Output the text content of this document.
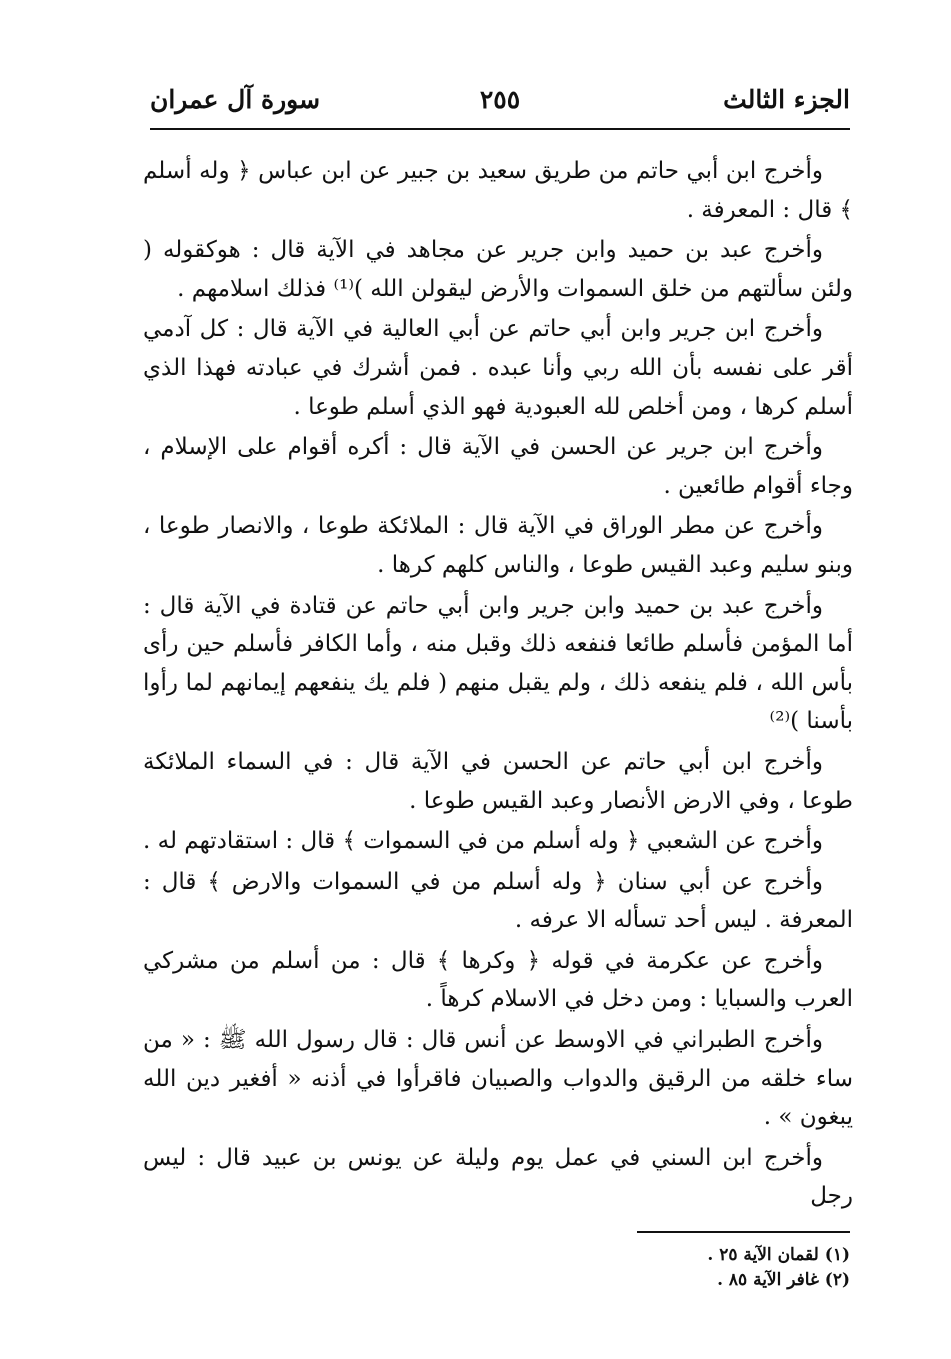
الجزء الثالث
٢٥٥
سورة آل عمران

وأخرج ابن أبي حاتم من طريق سعيد بن جبير عن ابن عباس ﴿ وله أسلم ﴾ قال : المعرفة .

وأخرج عبد بن حميد وابن جرير عن مجاهد في الآية قال : هوكقوله ( ولئن سألتهم من خلق السموات والأرض ليقولن الله )⁽¹⁾ فذلك اسلامهم .

وأخرج ابن جرير وابن أبي حاتم عن أبي العالية في الآية قال : كل آدمي أقر على نفسه بأن الله ربي وأنا عبده . فمن أشرك في عبادته فهذا الذي أسلم كرها ، ومن أخلص لله العبودية فهو الذي أسلم طوعا .

وأخرج ابن جرير عن الحسن في الآية قال : أكره أقوام على الإسلام ، وجاء أقوام طائعين .

وأخرج عن مطر الوراق في الآية قال : الملائكة طوعا ، والانصار طوعا ، وبنو سليم وعبد القيس طوعا ، والناس كلهم كرها .

وأخرج عبد بن حميد وابن جرير وابن أبي حاتم عن قتادة في الآية قال : أما المؤمن فأسلم طائعا فنفعه ذلك وقبل منه ، وأما الكافر فأسلم حين رأى بأس الله ، فلم ينفعه ذلك ، ولم يقبل منهم ( فلم يك ينفعهم إيمانهم لما رأوا بأسنا )⁽²⁾

وأخرج ابن أبي حاتم عن الحسن في الآية قال : في السماء الملائكة طوعا ، وفي الارض الأنصار وعبد القيس طوعا .

وأخرج عن الشعبي ﴿ وله أسلم من في السموات ﴾ قال : استقادتهم له .

وأخرج عن أبي سنان ﴿ وله أسلم من في السموات والارض ﴾ قال : المعرفة . ليس أحد تسأله الا عرفه .

وأخرج عن عكرمة في قوله ﴿ وكرها ﴾ قال : من أسلم من مشركي العرب والسبايا : ومن دخل في الاسلام كرهاً .

وأخرج الطبراني في الاوسط عن أنس قال : قال رسول الله ﷺ : « من ساء خلقه من الرقيق والدواب والصبيان فاقرأوا في أذنه « أفغير دين الله يبغون » .

وأخرج ابن السني في عمل يوم وليلة عن يونس بن عبيد قال : ليس رجل

(١) لقمان الآية ٢٥ .

(٢) غافر الآية ٨٥ .
